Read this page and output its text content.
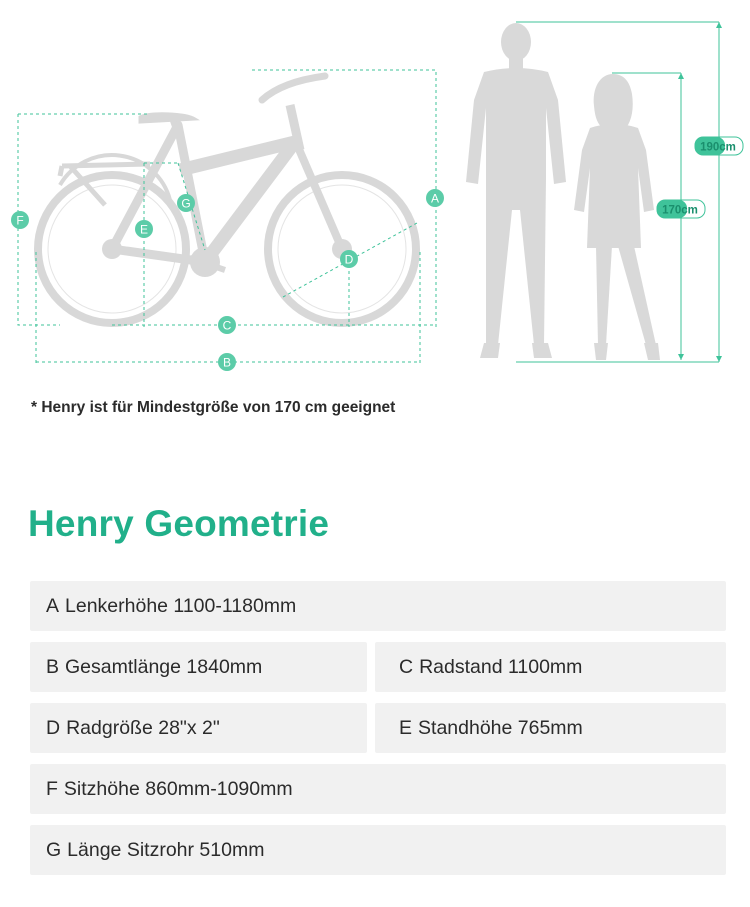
A
B
C
D
E
F
G
190cm
170cm
* Henry ist für Mindestgröße von 170 cm geeignet
Henry Geometrie
A Lenkerhöhe 1100-1180mm
B Gesamtlänge 1840mm	C Radstand 1100mm
D Radgröße 28"x 2"	E Standhöhe 765mm
F Sitzhöhe 860mm-1090mm
G Länge Sitzrohr 510mm
